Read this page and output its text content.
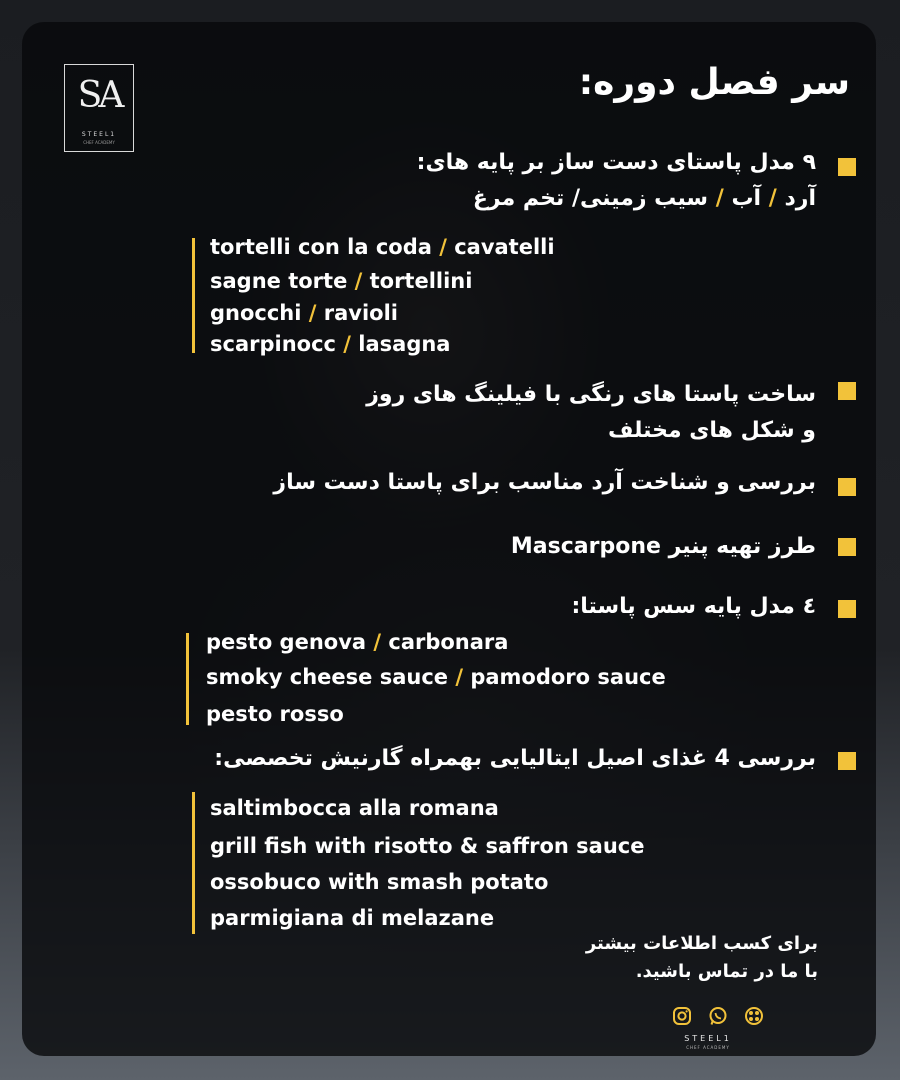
SA
STEEL1
CHEF ACADEMY
سر فصل دوره:
۹ مدل پاستای دست ساز بر پایه های:
آرد / آب / سیب زمینی/ تخم مرغ
tortelli con la coda / cavatelli
sagne torte / tortellini
gnocchi / ravioli
scarpinocc / lasagna
ساخت پاستا های رنگی با فیلینگ های روز
و شکل های مختلف
بررسی و شناخت آرد مناسب برای پاستا دست ساز
طرز تهیه پنیر Mascarpone
٤ مدل پایه سس پاستا:
pesto genova / carbonara
smoky cheese sauce / pamodoro sauce
pesto rosso
بررسی 4 غذای اصیل ایتالیایی بهمراه گارنیش تخصصی:
saltimbocca alla romana
grill fish with risotto & saffron sauce
ossobuco with smash potato
parmigiana di melazane
برای کسب اطلاعات بیشتر
با ما در تماس باشید.
STEEL1
CHEF ACADEMY
